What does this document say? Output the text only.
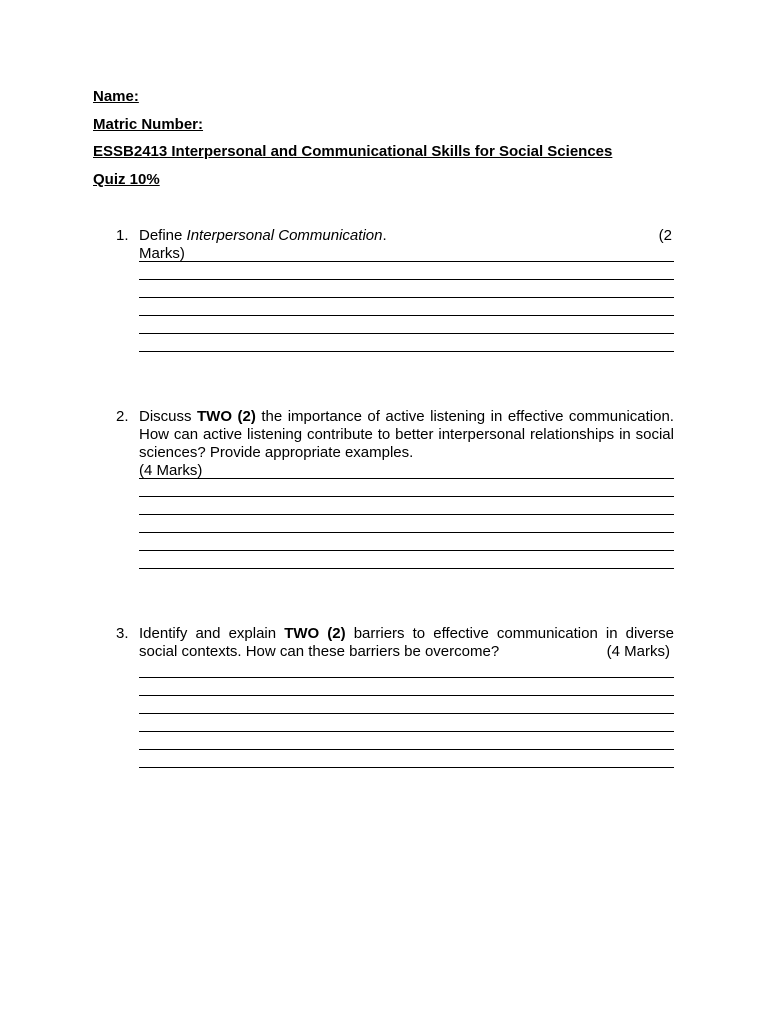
Name:
Matric Number:
ESSB2413 Interpersonal and Communicational Skills for Social Sciences
Quiz 10%
1. Define Interpersonal Communication.	(2
Marks)
2. Discuss TWO (2) the importance of active listening in effective communication. How can active listening contribute to better interpersonal relationships in social sciences? Provide appropriate examples.
(4 Marks)
3. Identify and explain TWO (2) barriers to effective communication in diverse social contexts. How can these barriers be overcome?	(4 Marks)
